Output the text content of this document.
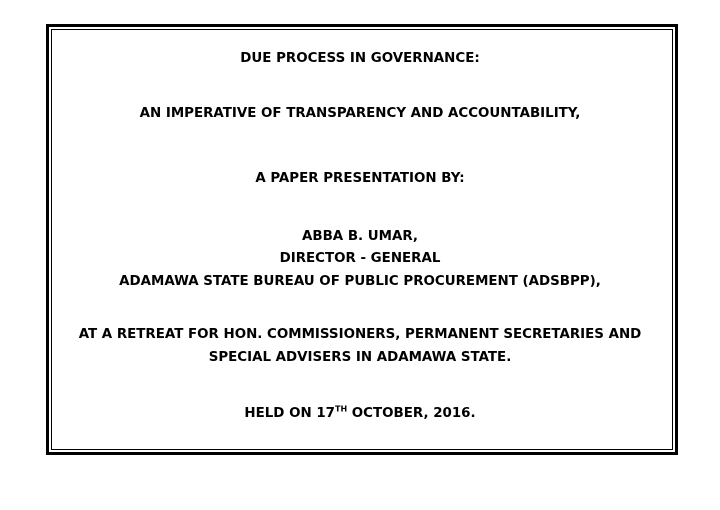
DUE PROCESS IN GOVERNANCE:
AN IMPERATIVE OF TRANSPARENCY AND ACCOUNTABILITY,
A PAPER PRESENTATION BY:
ABBA B. UMAR,
DIRECTOR - GENERAL
ADAMAWA STATE BUREAU OF PUBLIC PROCUREMENT (ADSBPP),
AT A RETREAT FOR HON. COMMISSIONERS, PERMANENT SECRETARIES AND
SPECIAL ADVISERS IN ADAMAWA STATE.
HELD ON 17TH OCTOBER, 2016.
